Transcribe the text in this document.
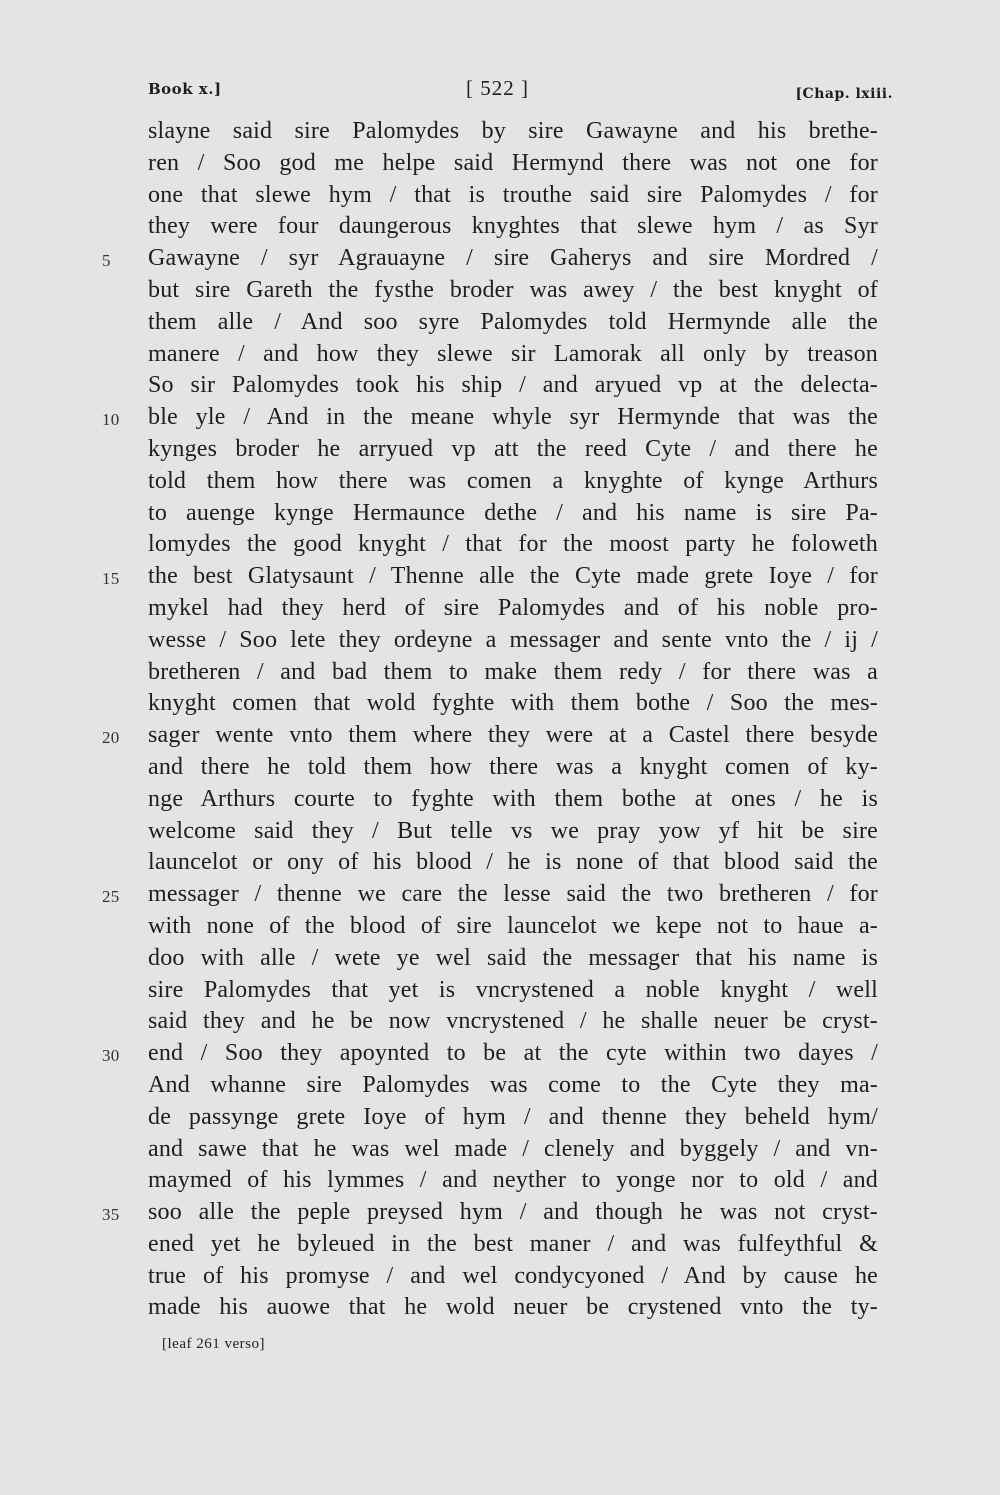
Book x.]	[ 522 ]	[Chap. lxiii.
slayne said sire Palomydes by sire Gawayne and his brethe-
ren / Soo god me helpe said Hermynd there was not one for
one that slewe hym / that is trouthe said sire Palomydes / for
they were four daungerous knyghtes that slewe hym / as Syr
5	Gawayne / syr Agrauayne / sire Gaherys and sire Mordred /
but sire Gareth the fysthe broder was awey / the best knyght of
them alle / And soo syre Palomydes told Hermynde alle the
manere / and how they slewe sir Lamorak all only by treason
So sir Palomydes took his ship / and aryued vp at the delecta-
10	ble yle / And in the meane whyle syr Hermynde that was the
kynges broder he arryued vp att the reed Cyte / and there he
told them how there was comen a knyghte of kynge Arthurs
to auenge kynge Hermaunce dethe / and his name is sire Pa-
lomydes the good knyght / that for the moost party he foloweth
15	the best Glatysaunt / Thenne alle the Cyte made grete Ioye / for
mykel had they herd of sire Palomydes and of his noble pro-
wesse / Soo lete they ordeyne a messager and sente vnto the / ij /
bretheren / and bad them to make them redy / for there was a
knyght comen that wold fyghte with them bothe / Soo the mes-
20	sager wente vnto them where they were at a Castel there besyde
and there he told them how there was a knyght comen of ky-
nge Arthurs courte to fyghte with them bothe at ones / he is
welcome said they / But telle vs we pray yow yf hit be sire
launcelot or ony of his blood / he is none of that blood said the
25	messager / thenne we care the lesse said the two bretheren / for
with none of the blood of sire launcelot we kepe not to haue a-
doo with alle / wete ye wel said the messager that his name is
sire Palomydes that yet is vncrystened a noble knyght / well
said they and he be now vncrystened / he shalle neuer be cryst-
30	end / Soo they apoynted to be at the cyte within two dayes /
And whanne sire Palomydes was come to the Cyte they ma-
de passynge grete Ioye of hym / and thenne they beheld hym/
and sawe that he was wel made / clenely and byggely / and vn-
maymed of his lymmes / and neyther to yonge nor to old / and
35	soo alle the peple preysed hym / and though he was not cryst-
ened yet he byleued in the best maner / and was fulfeythful &
true of his promyse / and wel condycyoned / And by cause he
made his auowe that he wold neuer be crystened vnto the ty-
[leaf 261 verso]
